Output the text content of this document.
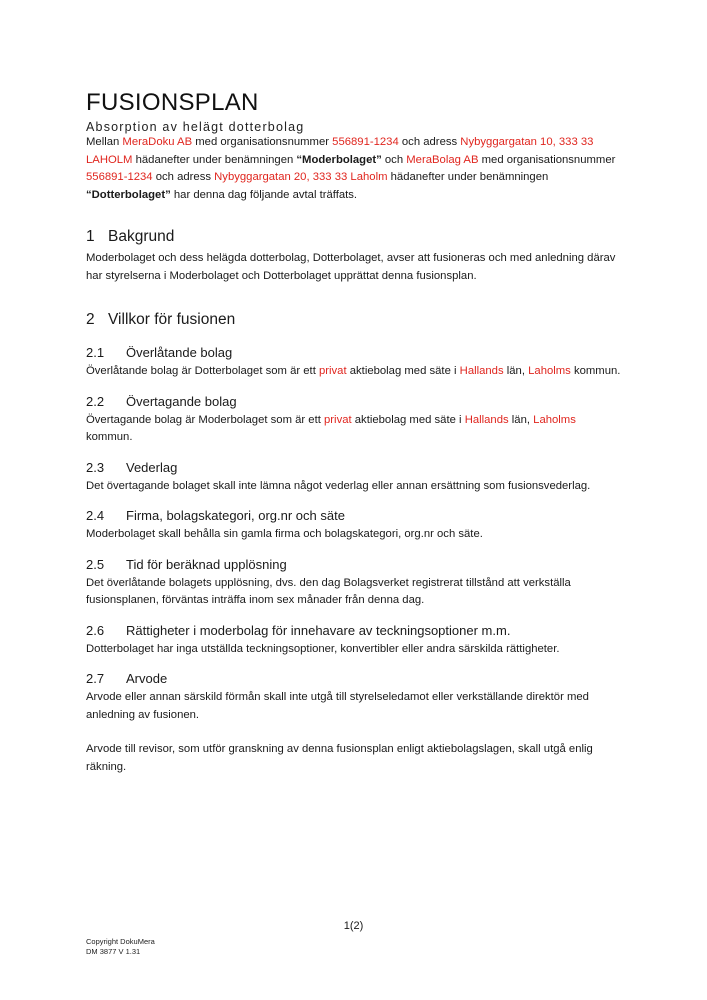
FUSIONSPLAN
Absorption av helägt dotterbolag

Mellan MeraDoku AB med organisationsnummer 556891-1234 och adress Nybyggargatan 10, 333 33 LAHOLM hädanefter under benämningen “Moderbolaget” och MeraBolag AB med organisationsnummer 556891-1234 och adress Nybyggargatan 20, 333 33 Laholm hädanefter under benämningen “Dotterbolaget” har denna dag följande avtal träffats.

1 Bakgrund

Moderbolaget och dess helägda dotterbolag, Dotterbolaget, avser att fusioneras och med anledning därav har styrelserna i Moderbolaget och Dotterbolaget upprättat denna fusionsplan.

2 Villkor för fusionen
2.1	Överlåtande bolag

Överlåtande bolag är Dotterbolaget som är ett privat aktiebolag med säte i Hallands län, Laholms kommun.

2.2	Övertagande bolag

Övertagande bolag är Moderbolaget som är ett privat aktiebolag med säte i Hallands län, Laholms kommun.

2.3	Vederlag

Det övertagande bolaget skall inte lämna något vederlag eller annan ersättning som fusionsvederlag.

2.4	Firma, bolagskategori, org.nr och säte

Moderbolaget skall behålla sin gamla firma och bolagskategori, org.nr och säte.

2.5	Tid för beräknad upplösning

Det överlåtande bolagets upplösning, dvs. den dag Bolagsverket registrerat tillstånd att verkställa fusionsplanen, förväntas inträffa inom sex månader från denna dag.

2.6	Rättigheter i moderbolag för innehavare av teckningsoptioner m.m.

Dotterbolaget har inga utställda teckningsoptioner, konvertibler eller andra särskilda rättigheter.

2.7	Arvode

Arvode eller annan särskild förmån skall inte utgå till styrelseledamot eller verkställande direktör med anledning av fusionen.

Arvode till revisor, som utför granskning av denna fusionsplan enligt aktiebolagslagen, skall utgå enlig räkning.

1(2)
Copyright DokuMera
DM 3877 V 1.31
